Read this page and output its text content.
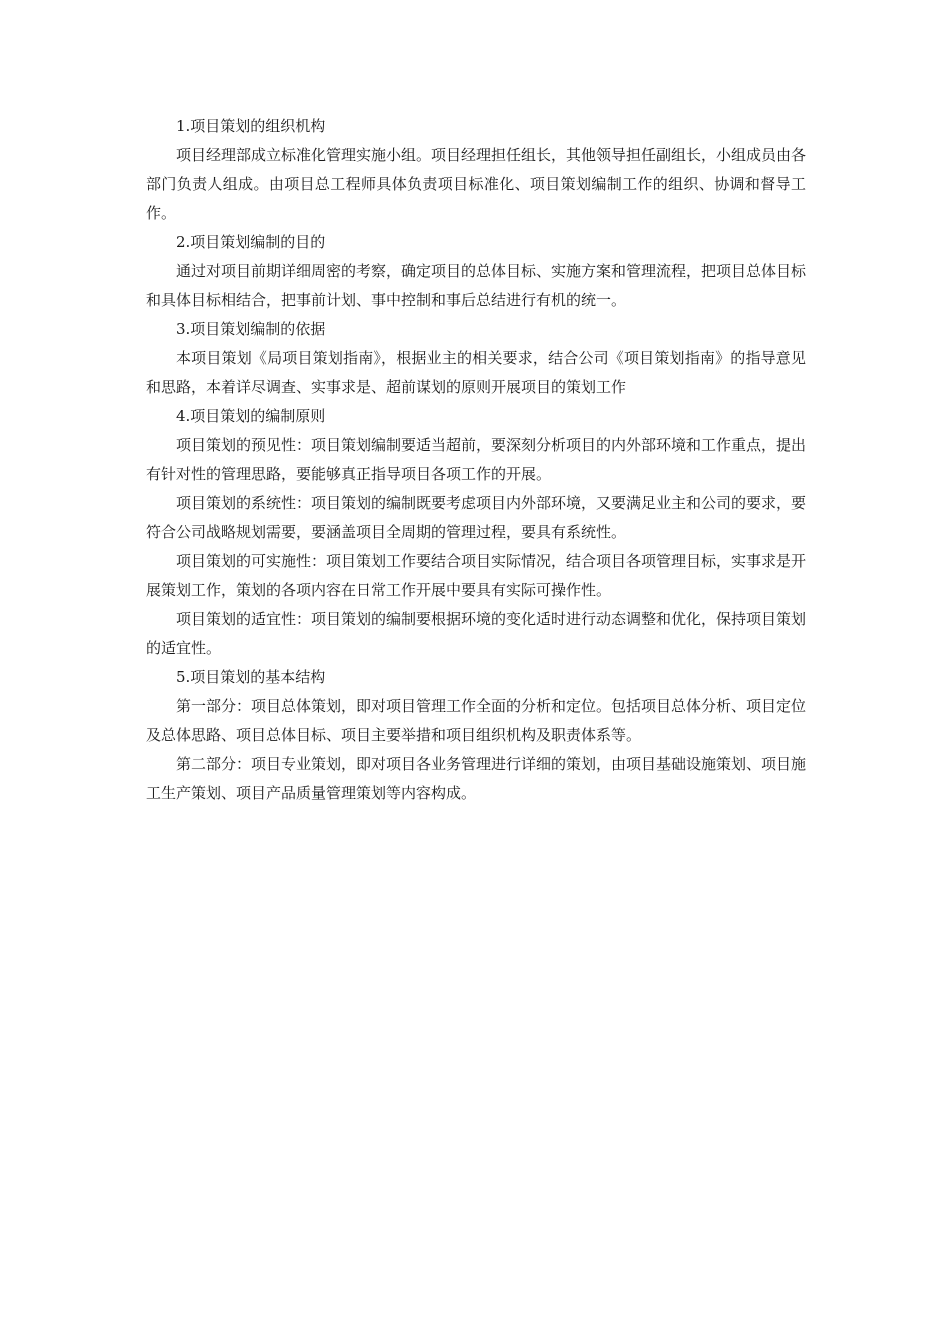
1.项目策划的组织机构

项目经理部成立标准化管理实施小组。项目经理担任组长，其他领导担任副组长，小组成员由各部门负责人组成。由项目总工程师具体负责项目标准化、项目策划编制工作的组织、协调和督导工作。

2.项目策划编制的目的

通过对项目前期详细周密的考察，确定项目的总体目标、实施方案和管理流程，把项目总体目标和具体目标相结合，把事前计划、事中控制和事后总结进行有机的统一。

3.项目策划编制的依据

本项目策划《局项目策划指南》，根据业主的相关要求，结合公司《项目策划指南》的指导意见和思路，本着详尽调查、实事求是、超前谋划的原则开展项目的策划工作

4.项目策划的编制原则

项目策划的预见性：项目策划编制要适当超前，要深刻分析项目的内外部环境和工作重点，提出有针对性的管理思路，要能够真正指导项目各项工作的开展。

项目策划的系统性：项目策划的编制既要考虑项目内外部环境，又要满足业主和公司的要求，要符合公司战略规划需要，要涵盖项目全周期的管理过程，要具有系统性。

项目策划的可实施性：项目策划工作要结合项目实际情况，结合项目各项管理目标，实事求是开展策划工作，策划的各项内容在日常工作开展中要具有实际可操作性。

项目策划的适宜性：项目策划的编制要根据环境的变化适时进行动态调整和优化，保持项目策划的适宜性。

5.项目策划的基本结构

第一部分：项目总体策划，即对项目管理工作全面的分析和定位。包括项目总体分析、项目定位及总体思路、项目总体目标、项目主要举措和项目组织机构及职责体系等。

第二部分：项目专业策划，即对项目各业务管理进行详细的策划，由项目基础设施策划、项目施工生产策划、项目产品质量管理策划等内容构成。
